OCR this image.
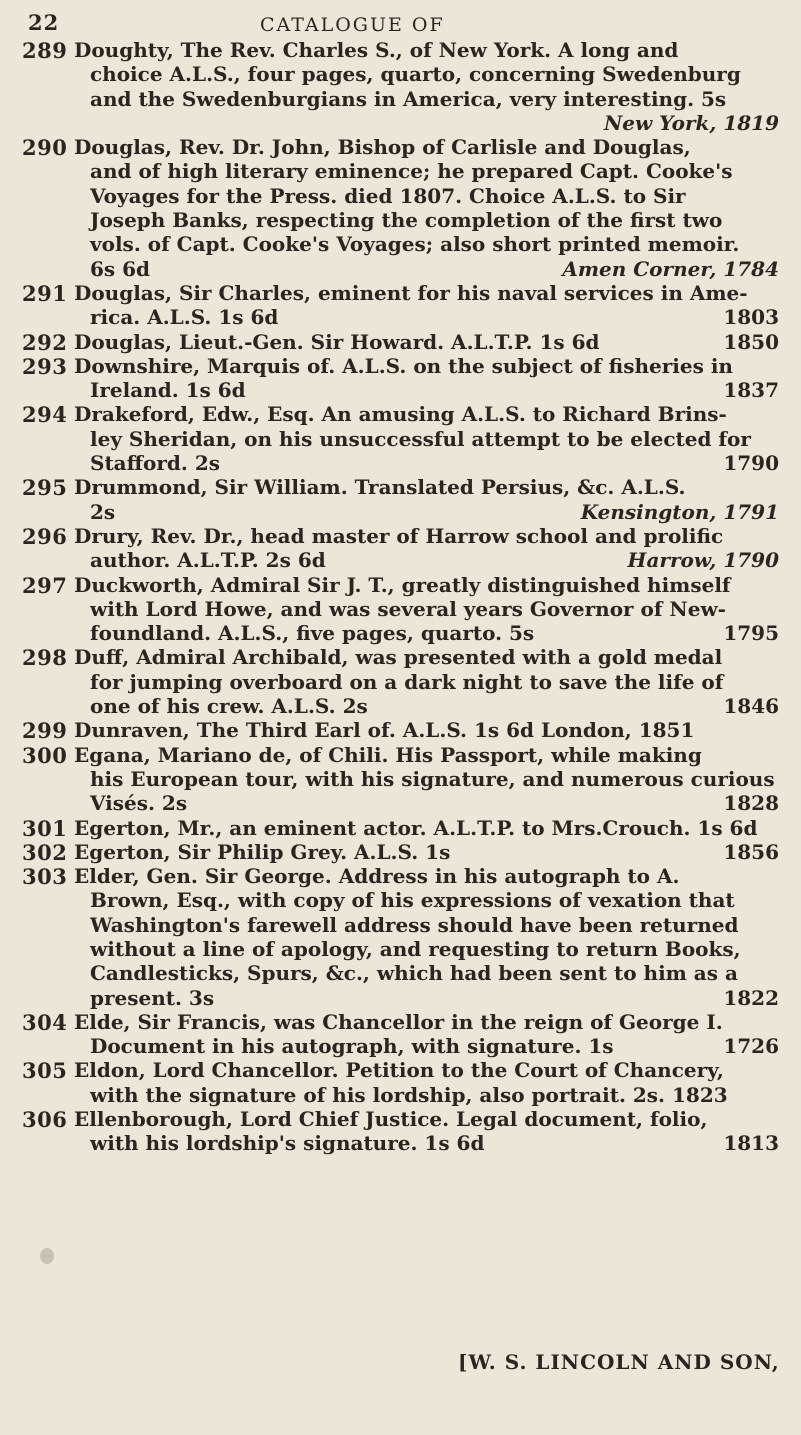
22	CATALOGUE OF
289 Doughty, The Rev. Charles S., of New York. A long and
choice A.L.S., four pages, quarto, concerning Swedenburg
and the Swedenburgians in America, very interesting. 5s
New York, 1819
290 Douglas, Rev. Dr. John, Bishop of Carlisle and Douglas,
and of high literary eminence; he prepared Capt. Cooke's
Voyages for the Press. died 1807. Choice A.L.S. to Sir
Joseph Banks, respecting the completion of the first two
vols. of Capt. Cooke's Voyages; also short printed memoir.
6s 6d	Amen Corner, 1784
291 Douglas, Sir Charles, eminent for his naval services in Ame-
rica. A.L.S. 1s 6d	1803
292 Douglas, Lieut.-Gen. Sir Howard. A.L.T.P. 1s 6d	1850
293 Downshire, Marquis of. A.L.S. on the subject of fisheries in
Ireland. 1s 6d	1837
294 Drakeford, Edw., Esq. An amusing A.L.S. to Richard Brins-
ley Sheridan, on his unsuccessful attempt to be elected for
Stafford. 2s	1790
295 Drummond, Sir William. Translated Persius, &c. A.L.S.
2s	Kensington, 1791
296 Drury, Rev. Dr., head master of Harrow school and prolific
author. A.L.T.P. 2s 6d	Harrow, 1790
297 Duckworth, Admiral Sir J. T., greatly distinguished himself
with Lord Howe, and was several years Governor of New-
foundland. A.L.S., five pages, quarto. 5s	1795
298 Duff, Admiral Archibald, was presented with a gold medal
for jumping overboard on a dark night to save the life of
one of his crew. A.L.S. 2s	1846
299 Dunraven, The Third Earl of. A.L.S. 1s 6d London, 1851
300 Egana, Mariano de, of Chili. His Passport, while making
his European tour, with his signature, and numerous curious
Visés. 2s	1828
301 Egerton, Mr., an eminent actor. A.L.T.P. to Mrs.Crouch. 1s 6d
302 Egerton, Sir Philip Grey. A.L.S. 1s	1856
303 Elder, Gen. Sir George. Address in his autograph to A.
Brown, Esq., with copy of his expressions of vexation that
Washington's farewell address should have been returned
without a line of apology, and requesting to return Books,
Candlesticks, Spurs, &c., which had been sent to him as a
present. 3s	1822
304 Elde, Sir Francis, was Chancellor in the reign of George I.
Document in his autograph, with signature. 1s	1726
305 Eldon, Lord Chancellor. Petition to the Court of Chancery,
with the signature of his lordship, also portrait. 2s. 1823
306 Ellenborough, Lord Chief Justice. Legal document, folio,
with his lordship's signature. 1s 6d	1813
[W. S. LINCOLN AND SON,
